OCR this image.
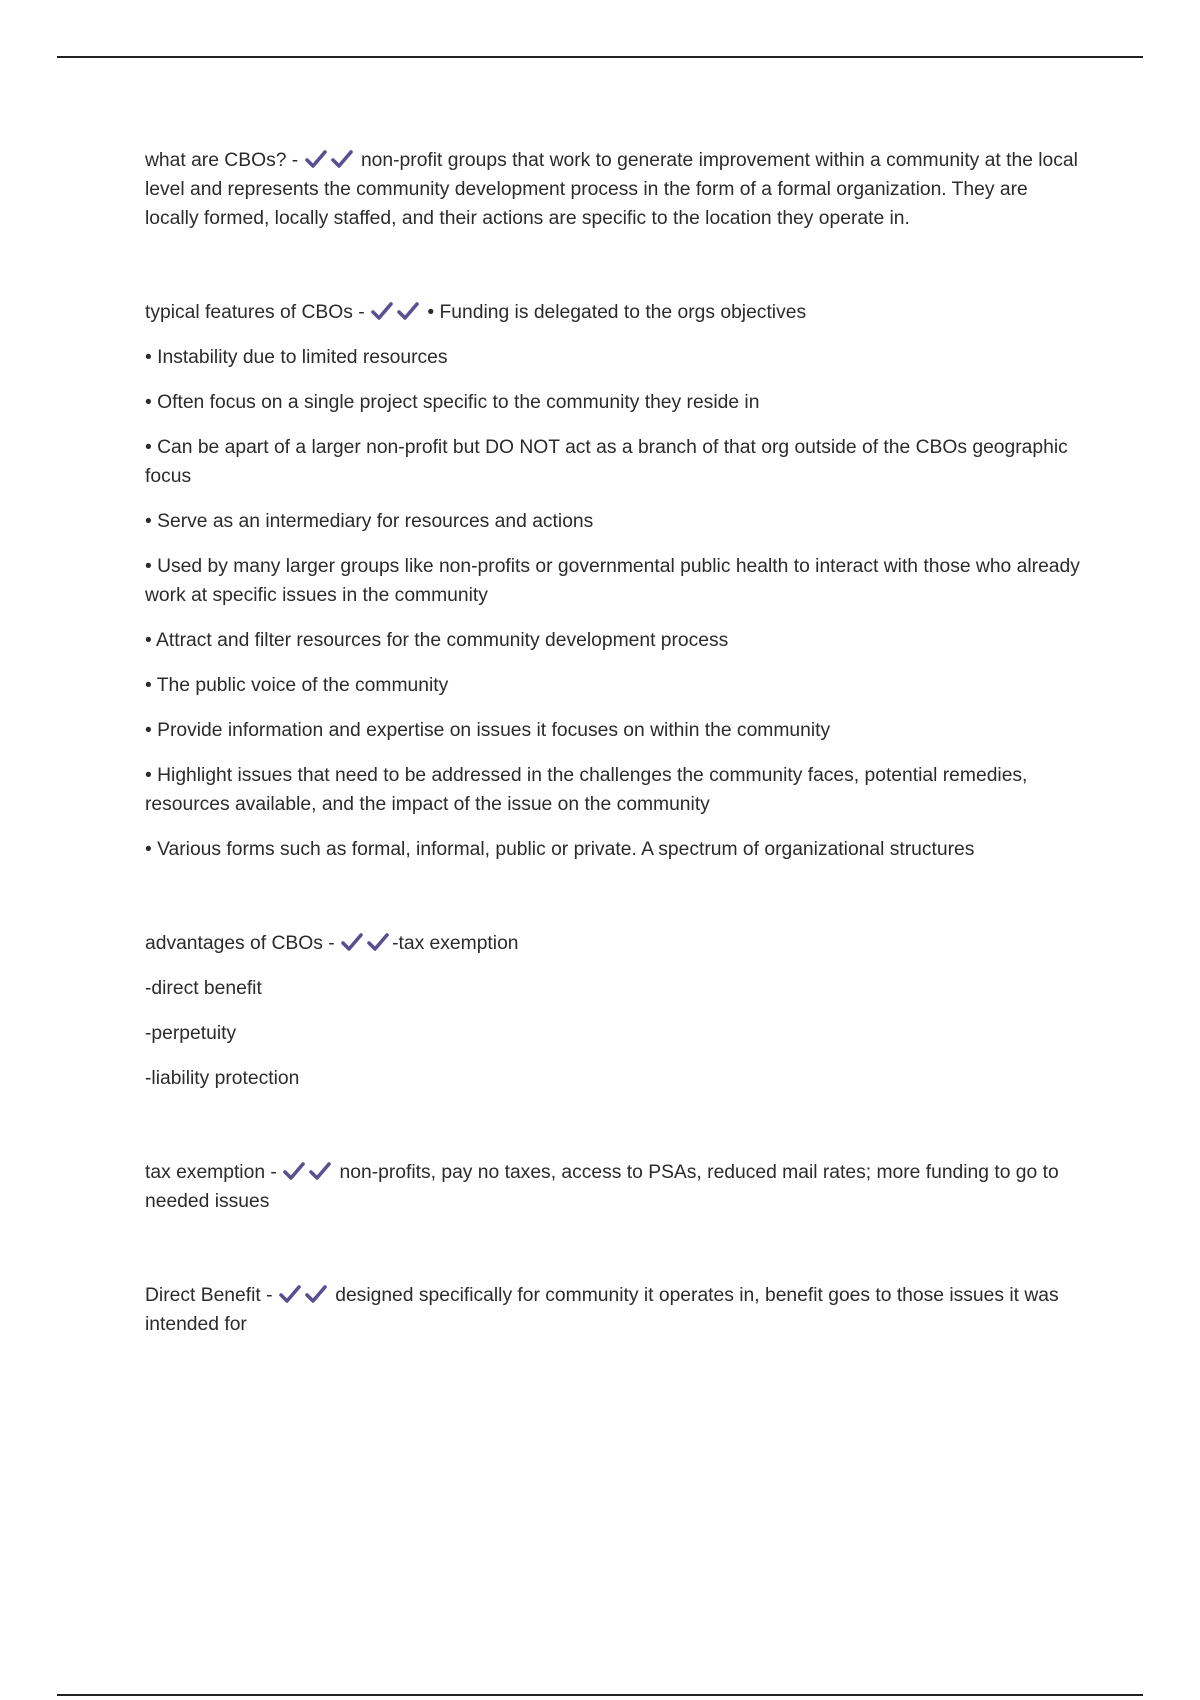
what are CBOs? -	non-profit groups that work to generate improvement within a community at the local level and represents the community development process in the form of a formal organization. They are locally formed, locally staffed, and their actions are specific to the location they operate in.

typical features of CBOs -	• Funding is delegated to the orgs objectives

• Instability due to limited resources

• Often focus on a single project specific to the community they reside in

• Can be apart of a larger non-profit but DO NOT act as a branch of that org outside of the CBOs geographic focus

• Serve as an intermediary for resources and actions

• Used by many larger groups like non-profits or governmental public health to interact with those who already work at specific issues in the community

• Attract and filter resources for the community development process

• The public voice of the community

• Provide information and expertise on issues it focuses on within the community

• Highlight issues that need to be addressed in the challenges the community faces, potential remedies, resources available, and the impact of the issue on the community

• Various forms such as formal, informal, public or private. A spectrum of organizational structures

advantages of CBOs -	-tax exemption

-direct benefit

-perpetuity

-liability protection

tax exemption -	non-profits, pay no taxes, access to PSAs, reduced mail rates; more funding to go to needed issues

Direct Benefit -	designed specifically for community it operates in, benefit goes to those issues it was intended for
